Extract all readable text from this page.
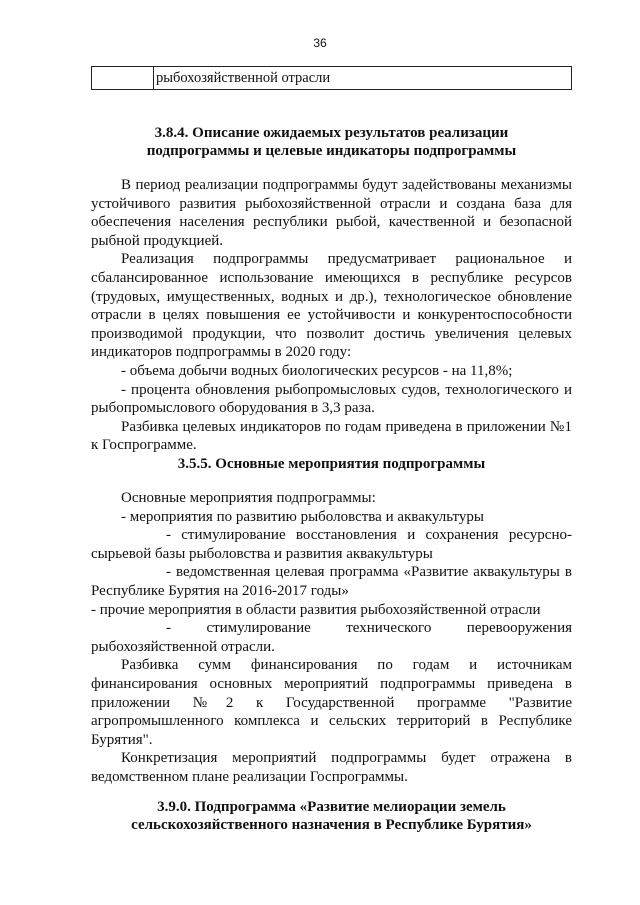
36
рыбохозяйственной отрасли
3.8.4. Описание ожидаемых результатов реализации
подпрограммы и целевые индикаторы подпрограммы

В период реализации подпрограммы будут задействованы механизмы устойчивого развития рыбохозяйственной отрасли и создана база для обеспечения населения республики рыбой, качественной и безопасной рыбной продукцией.

Реализация подпрограммы предусматривает рациональное и сбалансированное использование имеющихся в республике ресурсов (трудовых, имущественных, водных и др.), технологическое обновление отрасли в целях повышения ее устойчивости и конкурентоспособности производимой продукции, что позволит достичь увеличения целевых индикаторов подпрограммы в 2020 году:

- объема добычи водных биологических ресурсов - на 11,8%;

- процента обновления рыбопромысловых судов, технологического и рыбопромыслового оборудования в 3,3 раза.

Разбивка целевых индикаторов по годам приведена в приложении №1 к Госпрограмме.

3.5.5. Основные мероприятия подпрограммы

Основные мероприятия подпрограммы:

- мероприятия по развитию рыболовства и аквакультуры

- стимулирование восстановления и сохранения ресурсно-сырьевой базы рыболовства и развития аквакультуры

- ведомственная целевая программа «Развитие аквакультуры в Республике Бурятия на 2016-2017 годы»

- прочие мероприятия в области развития рыбохозяйственной отрасли

- стимулирование технического перевооружения рыбохозяйственной отрасли.

Разбивка сумм финансирования по годам и источникам финансирования основных мероприятий подпрограммы приведена в приложении №2 к Государственной программе "Развитие агропромышленного комплекса и сельских территорий в Республике Бурятия".

Конкретизация мероприятий подпрограммы будет отражена в ведомственном плане реализации Госпрограммы.

3.9.0. Подпрограмма «Развитие мелиорации земель
сельскохозяйственного назначения в Республике Бурятия»
